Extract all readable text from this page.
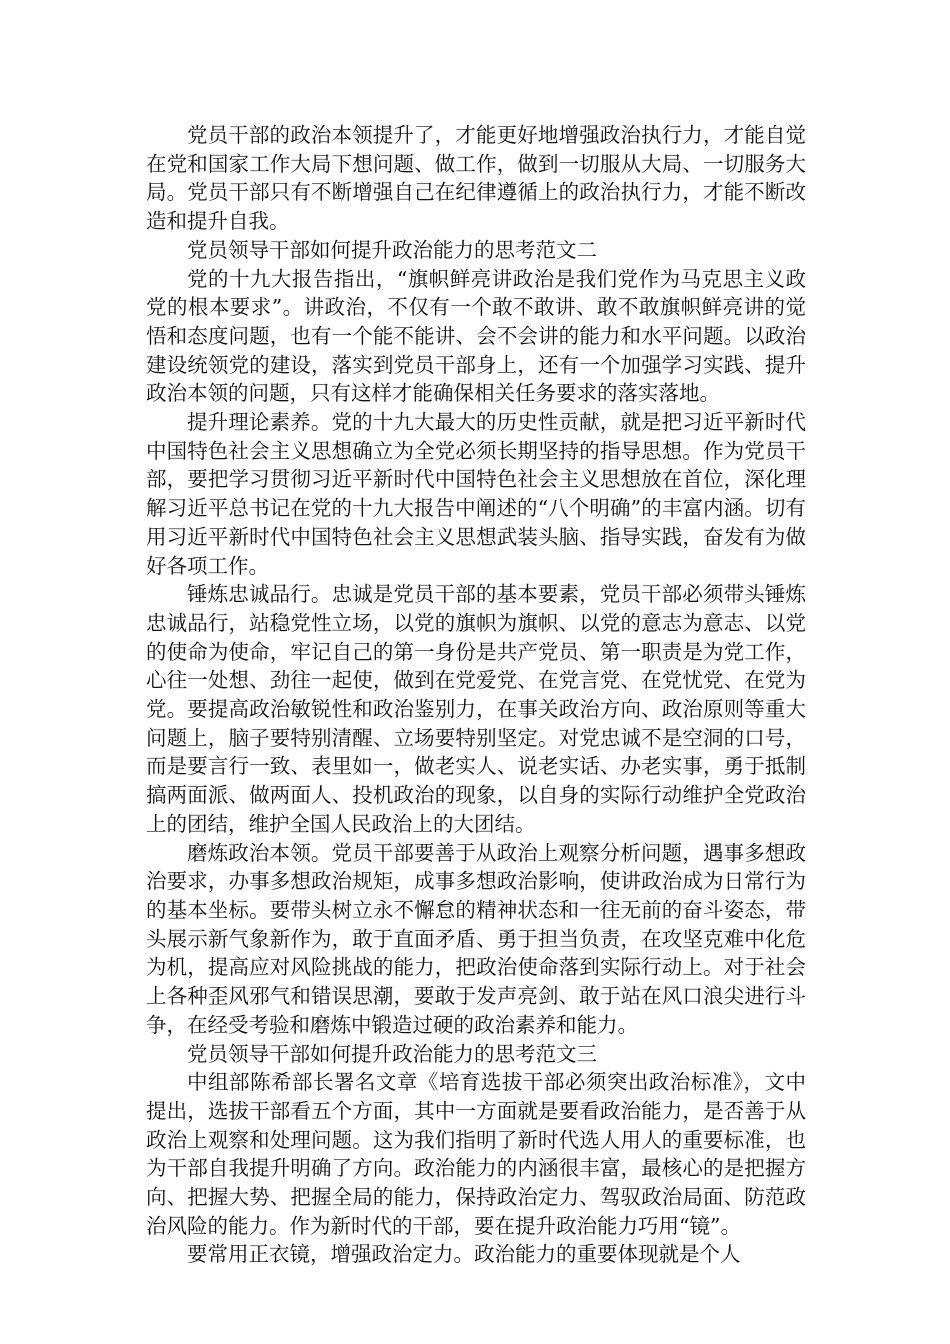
党员干部的政治本领提升了，才能更好地增强政治执行力，才能自觉在党和国家工作大局下想问题、做工作，做到一切服从大局、一切服务大局。党员干部只有不断增强自己在纪律遵循上的政治执行力，才能不断改造和提升自我。

党员领导干部如何提升政治能力的思考范文二

党的十九大报告指出，“旗帜鲜亮讲政治是我们党作为马克思主义政党的根本要求”。讲政治，不仅有一个敢不敢讲、敢不敢旗帜鲜亮讲的觉悟和态度问题，也有一个能不能讲、会不会讲的能力和水平问题。以政治建设统领党的建设，落实到党员干部身上，还有一个加强学习实践、提升政治本领的问题，只有这样才能确保相关任务要求的落实落地。

提升理论素养。党的十九大最大的历史性贡献，就是把习近平新时代中国特色社会主义思想确立为全党必须长期坚持的指导思想。作为党员干部，要把学习贯彻习近平新时代中国特色社会主义思想放在首位，深化理解习近平总书记在党的十九大报告中阐述的“八个明确”的丰富内涵。切有用习近平新时代中国特色社会主义思想武装头脑、指导实践，奋发有为做好各项工作。

锤炼忠诚品行。忠诚是党员干部的基本要素，党员干部必须带头锤炼忠诚品行，站稳党性立场，以党的旗帜为旗帜、以党的意志为意志、以党的使命为使命，牢记自己的第一身份是共产党员、第一职责是为党工作，心往一处想、劲往一起使，做到在党爱党、在党言党、在党忧党、在党为党。要提高政治敏锐性和政治鉴别力，在事关政治方向、政治原则等重大问题上，脑子要特别清醒、立场要特别坚定。对党忠诚不是空洞的口号，而是要言行一致、表里如一，做老实人、说老实话、办老实事，勇于抵制搞两面派、做两面人、投机政治的现象，以自身的实际行动维护全党政治上的团结，维护全国人民政治上的大团结。

磨炼政治本领。党员干部要善于从政治上观察分析问题，遇事多想政治要求，办事多想政治规矩，成事多想政治影响，使讲政治成为日常行为的基本坐标。要带头树立永不懈怠的精神状态和一往无前的奋斗姿态，带头展示新气象新作为，敢于直面矛盾、勇于担当负责，在攻坚克难中化危为机，提高应对风险挑战的能力，把政治使命落到实际行动上。对于社会上各种歪风邪气和错误思潮，要敢于发声亮剑、敢于站在风口浪尖进行斗争，在经受考验和磨炼中锻造过硬的政治素养和能力。

党员领导干部如何提升政治能力的思考范文三

中组部陈希部长署名文章《培育选拔干部必须突出政治标准》，文中提出，选拔干部看五个方面，其中一方面就是要看政治能力，是否善于从政治上观察和处理问题。这为我们指明了新时代选人用人的重要标准，也为干部自我提升明确了方向。政治能力的内涵很丰富，最核心的是把握方向、把握大势、把握全局的能力，保持政治定力、驾驭政治局面、防范政治风险的能力。作为新时代的干部，要在提升政治能力巧用“镜”。

要常用正衣镜，增强政治定力。政治能力的重要体现就是个人
